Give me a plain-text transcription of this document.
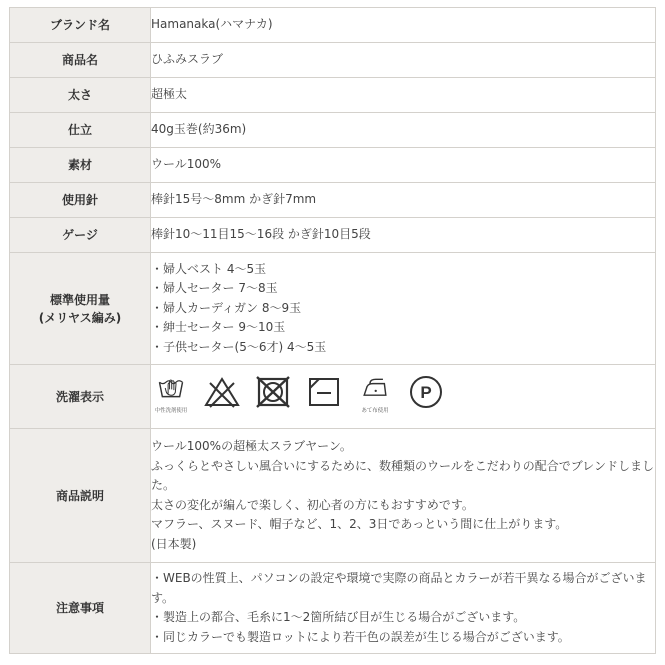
ブランド名	Hamanaka(ハマナカ)
商品名	ひふみスラブ
太さ	超極太
仕立	40g玉巻(約36m)
素材	ウール100%
使用針	棒針15号〜8mm かぎ針7mm
ゲージ	棒針10〜11目15〜16段 かぎ針10目5段

標準使用量
(メリヤス編み)	・婦人ベスト 4〜5玉
・婦人セーター 7〜8玉
・婦人カーディガン 8〜9玉
・紳士セーター 9〜10玉
・子供セーター(5〜6才) 4〜5玉

洗濯表示	中性洗剤使用 あて布使用
P

商品説明	ウール100%の超極太スラブヤーン。
ふっくらとやさしい風合いにするために、数種類のウールをこだわりの配合でブレンドしました。
太さの変化が編んで楽しく、初心者の方にもおすすめです。
マフラー、スヌード、帽子など、1、2、3日であっという間に仕上がります。
(日本製)

注意事項	・WEBの性質上、パソコンの設定や環境で実際の商品とカラーが若干異なる場合がございます。
・製造上の都合、毛糸に1〜2箇所結び目が生じる場合がございます。
・同じカラーでも製造ロットにより若干色の誤差が生じる場合がございます。
